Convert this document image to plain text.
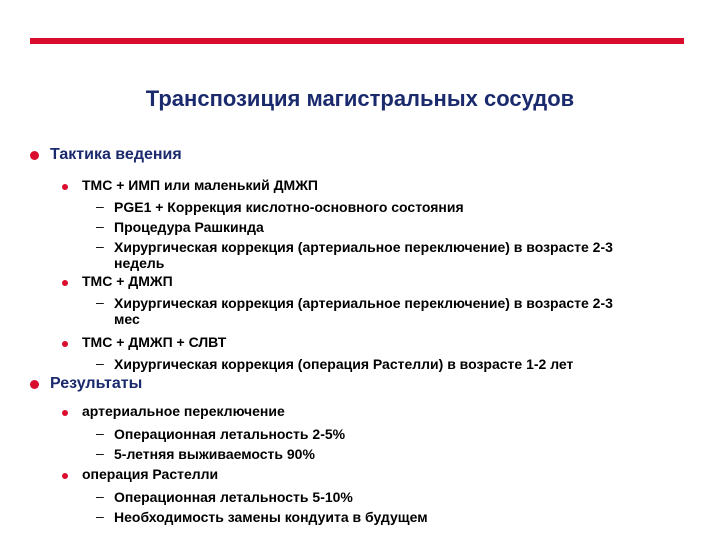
Транспозиция магистральных сосудов
Тактика ведения
ТМС + ИМП или маленький ДМЖП
– PGE1 + Коррекция кислотно-основного состояния
– Процедура Рашкинда
– Хирургическая коррекция (артериальное переключение) в возрасте 2-3
недель
ТМС + ДМЖП
– Хирургическая коррекция (артериальное переключение) в возрасте 2-3
мес
ТМС + ДМЖП + СЛВТ
– Хирургическая коррекция (операция Растелли) в возрасте 1-2 лет
Результаты
артериальное переключение
– Операционная летальность 2-5%
– 5-летняя выживаемость 90%
операция Растелли
– Операционная летальность 5-10%
– Необходимость замены кондуита в будущем
